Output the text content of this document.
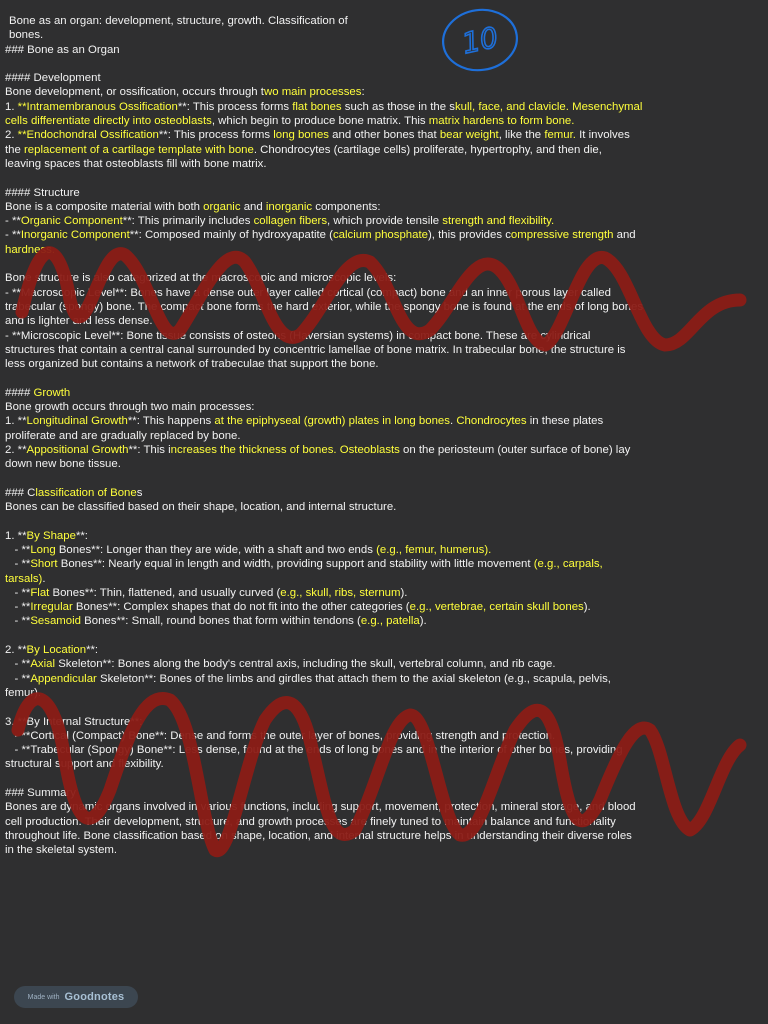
Bone as an organ: development, structure, growth. Classification of
bones.

### Bone as an Organ

#### Development

Bone development, or ossification, occurs through two main processes:

1. **Intramembranous Ossification**: This process forms flat bones such as those in the skull, face, and clavicle. Mesenchymal
cells differentiate directly into osteoblasts, which begin to produce bone matrix. This matrix hardens to form bone.

2. **Endochondral Ossification**: This process forms long bones and other bones that bear weight, like the femur. It involves
the replacement of a cartilage template with bone. Chondrocytes (cartilage cells) proliferate, hypertrophy, and then die,
leaving spaces that osteoblasts fill with bone matrix.

#### Structure

Bone is a composite material with both organic and inorganic components:

- **Organic Component**: This primarily includes collagen fibers, which provide tensile strength and flexibility.

- **Inorganic Component**: Composed mainly of hydroxyapatite (calcium phosphate), this provides compressive strength and
hardness.

Bone structure is also categorized at the macroscopic and microscopic levels:
- **Macroscopic Level**: Bones have a dense outer layer called cortical (compact) bone and an inner porous layer called
trabecular (spongy) bone. The compact bone forms the hard exterior, while the spongy bone is found at the ends of long bones
and is lighter and less dense.
- **Microscopic Level**: Bone tissue consists of osteons (Haversian systems) in compact bone. These are cylindrical
structures that contain a central canal surrounded by concentric lamellae of bone matrix. In trabecular bone, the structure is
less organized but contains a network of trabeculae that support the bone.

#### Growth

Bone growth occurs through two main processes:

1. **Longitudinal Growth**: This happens at the epiphyseal (growth) plates in long bones. Chondrocytes in these plates
proliferate and are gradually replaced by bone.

2. **Appositional Growth**: This increases the thickness of bones. Osteoblasts on the periosteum (outer surface of bone) lay
down new bone tissue.

### Classification of Bones

Bones can be classified based on their shape, location, and internal structure.

1. **By Shape**:

- **Long Bones**: Longer than they are wide, with a shaft and two ends (e.g., femur, humerus).

- **Short Bones**: Nearly equal in length and width, providing support and stability with little movement (e.g., carpals,
tarsals).

- **Flat Bones**: Thin, flattened, and usually curved (e.g., skull, ribs, sternum).

- **Irregular Bones**: Complex shapes that do not fit into the other categories (e.g., vertebrae, certain skull bones).

- **Sesamoid Bones**: Small, round bones that form within tendons (e.g., patella).

2. **By Location**:

- **Axial Skeleton**: Bones along the body's central axis, including the skull, vertebral column, and rib cage.

- **Appendicular Skeleton**: Bones of the limbs and girdles that attach them to the axial skeleton (e.g., scapula, pelvis,
femur).

3. **By Internal Structure**:
- **Cortical (Compact) Bone**: Dense and forms the outer layer of bones, providing strength and protection.
- **Trabecular (Spongy) Bone**: Less dense, found at the ends of long bones and in the interior of other bones, providing
structural support and flexibility.

### Summary
Bones are dynamic organs involved in various functions, including support, movement, protection, mineral storage, and blood
cell production. Their development, structure, and growth processes are finely tuned to maintain balance and functionality
throughout life. Bone classification based on shape, location, and internal structure helps in understanding their diverse roles
in the skeletal system.

10
Made with Goodnotes
